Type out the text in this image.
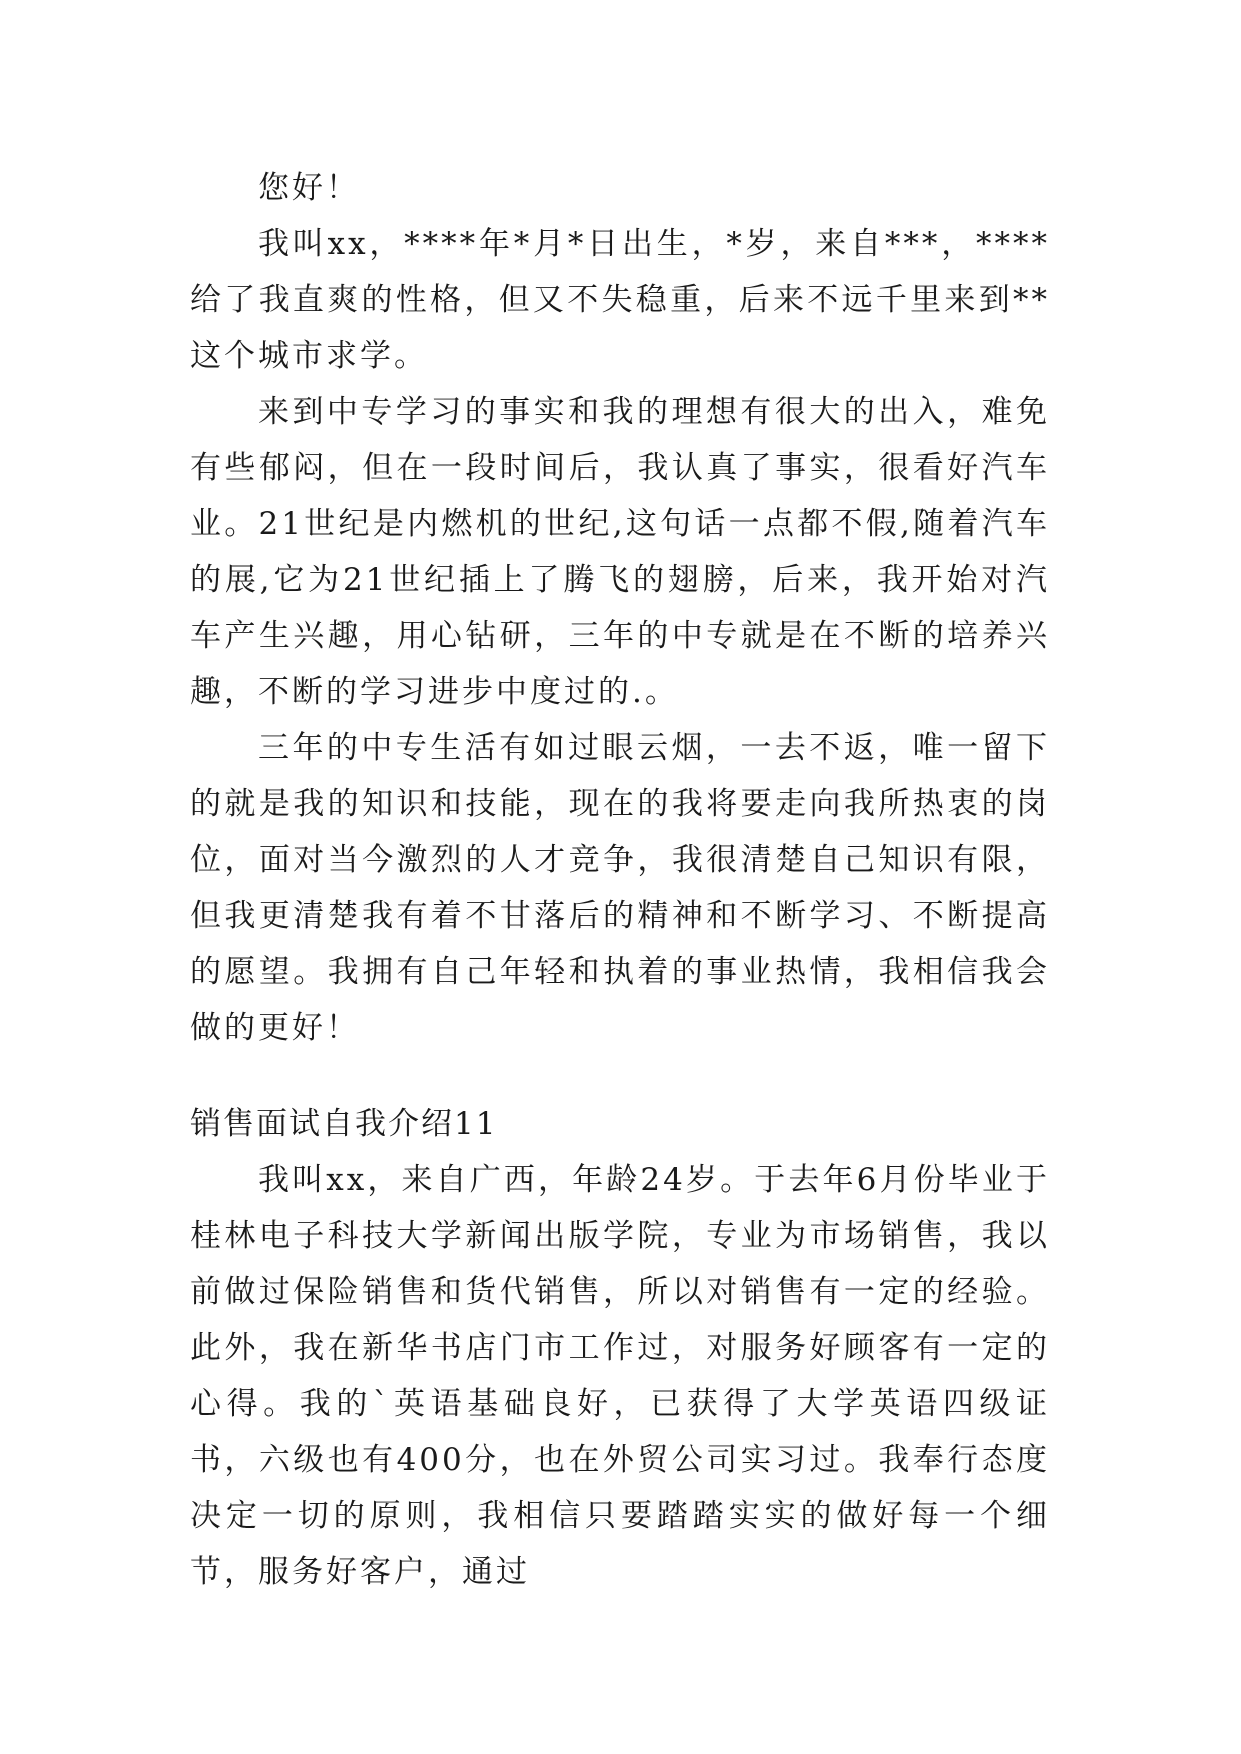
您好！

我叫xx，****年*月*日出生，*岁，来自***，****给了我直爽的性格，但又不失稳重，后来不远千里来到**这个城市求学。

来到中专学习的事实和我的理想有很大的出入，难免有些郁闷，但在一段时间后，我认真了事实，很看好汽车业。21世纪是内燃机的世纪,这句话一点都不假,随着汽车的展,它为21世纪插上了腾飞的翅膀，后来，我开始对汽车产生兴趣，用心钻研，三年的中专就是在不断的培养兴趣，不断的学习进步中度过的.。

三年的中专生活有如过眼云烟，一去不返，唯一留下的就是我的知识和技能，现在的我将要走向我所热衷的岗位，面对当今激烈的人才竞争，我很清楚自己知识有限，但我更清楚我有着不甘落后的精神和不断学习、不断提高的愿望。我拥有自己年轻和执着的事业热情，我相信我会做的更好！

销售面试自我介绍11

我叫xx，来自广西，年龄24岁。于去年6月份毕业于桂林电子科技大学新闻出版学院，专业为市场销售，我以前做过保险销售和货代销售，所以对销售有一定的经验。此外，我在新华书店门市工作过，对服务好顾客有一定的心得。我的`英语基础良好，已获得了大学英语四级证书，六级也有400分，也在外贸公司实习过。我奉行态度决定一切的原则，我相信只要踏踏实实的做好每一个细节，服务好客户，通过
